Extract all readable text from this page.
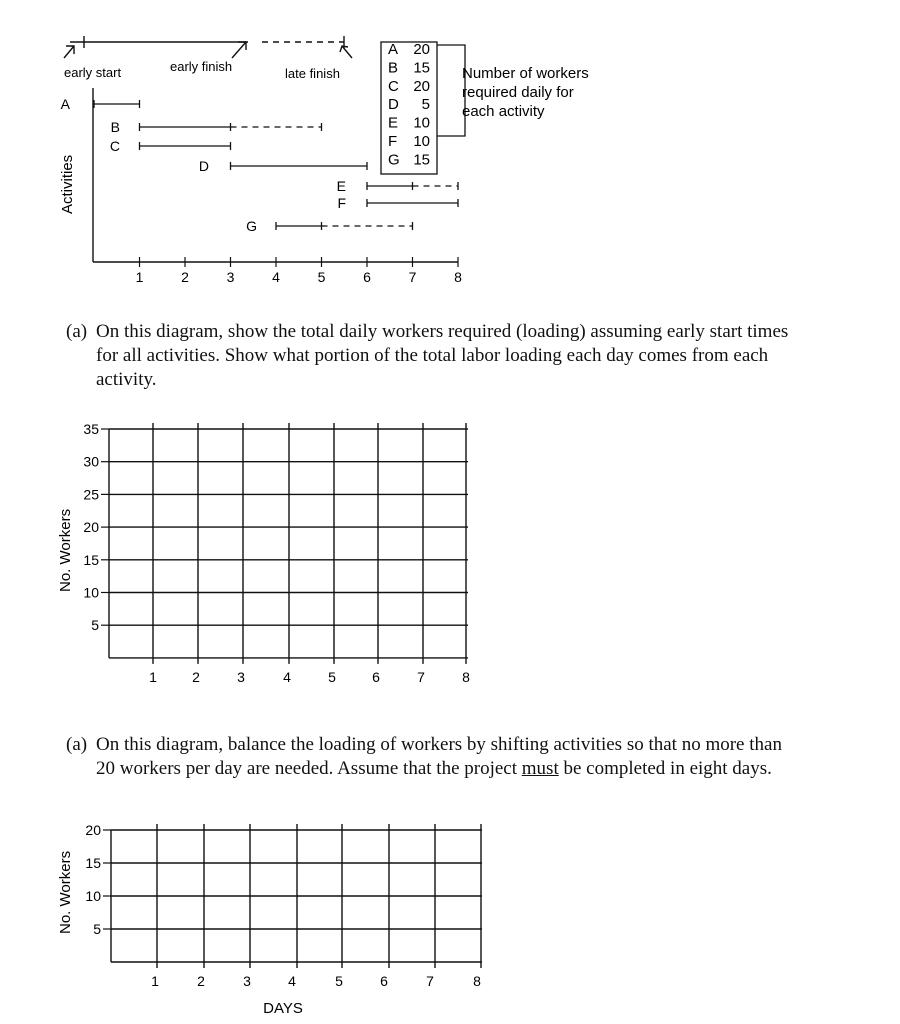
early start	early finish	late finish
A 20
B 15
C 20
D 5
E 10
F 10
G 15
Number of workers
required daily for
each activity
Activities
A
B
C
D
E
F
G
1	2	3	4	5	6	7	8
(a) On this diagram, show the total daily workers required (loading) assuming early start times
for all activities. Show what portion of the total labor loading each day comes from each
activity.
35
30
25
20
15
10
5
1	2	3	4	5	6	7	8
No. Workers
(a) On this diagram, balance the loading of workers by shifting activities so that no more than
20 workers per day are needed. Assume that the project must be completed in eight days.
20
15
10
5
1	2	3	4	5	6	7	8
No. Workers
DAYS
